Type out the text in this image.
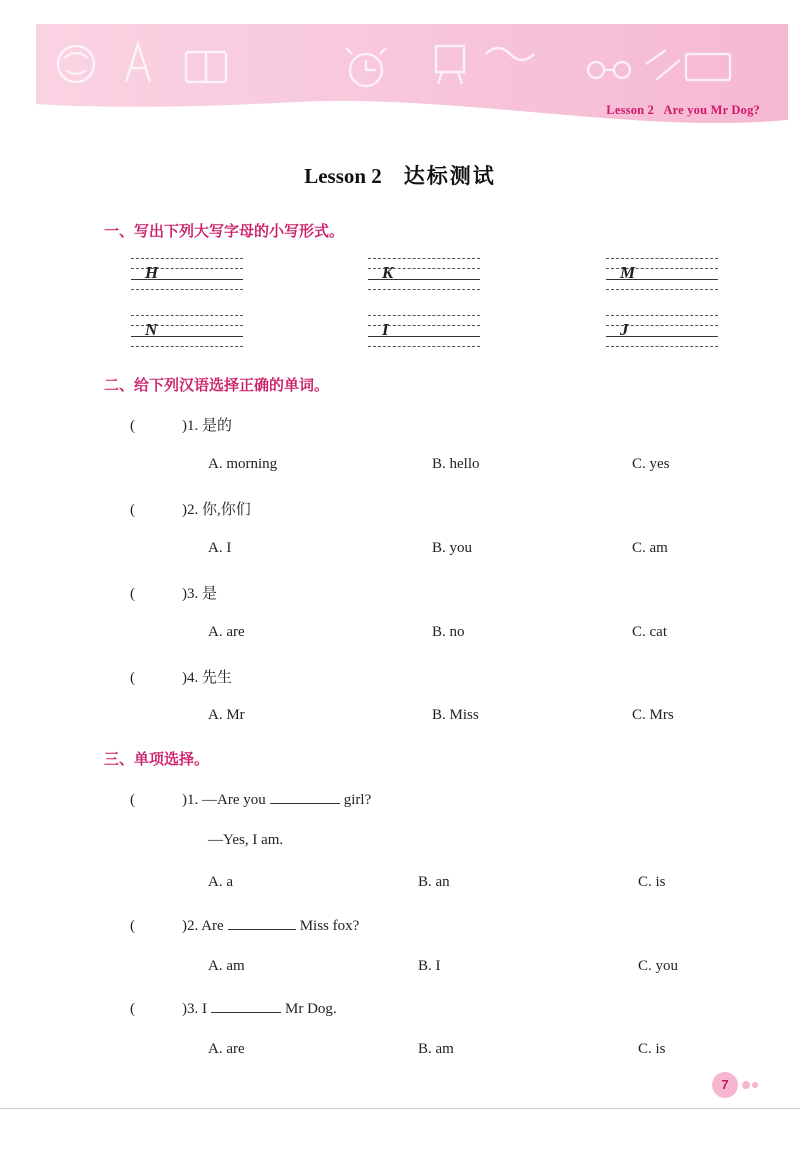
Lesson 2   Are you Mr Dog?
Lesson 2 达标测试
一、写出下列大写字母的小写形式。
H	K	M
N	I	J
二、给下列汉语选择正确的单词。
(	)1. 是的
A. morning	B. hello	C. yes
(	)2. 你,你们
A. I	B. you	C. am
(	)3. 是
A. are	B. no	C. cat
(	)4. 先生
A. Mr	B. Miss	C. Mrs
三、单项选择。
(	)1. —Are you	girl?
—Yes, I am.
A. a	B. an	C. is
(	)2. Are	Miss fox?
A. am	B. I	C. you
(	)3. I	Mr Dog.
A. are	B. am	C. is
7
